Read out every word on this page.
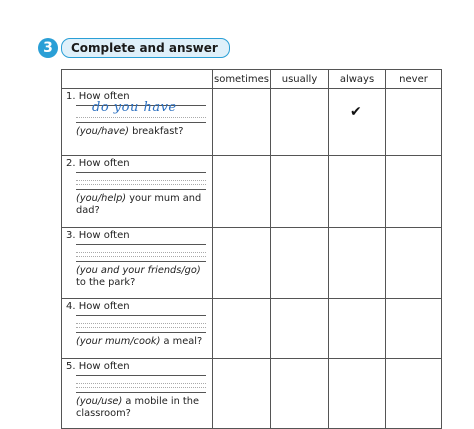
3	Complete and answer
	sometimes	usually	always	never

1. How often
do you have
(you/have) breakfast?			✔	

2. How often
(you/help) your mum and dad?				

3. How often
(you and your friends/go) to the park?				

4. How often
(your mum/cook) a meal?				

5. How often
(you/use) a mobile in the classroom?				
